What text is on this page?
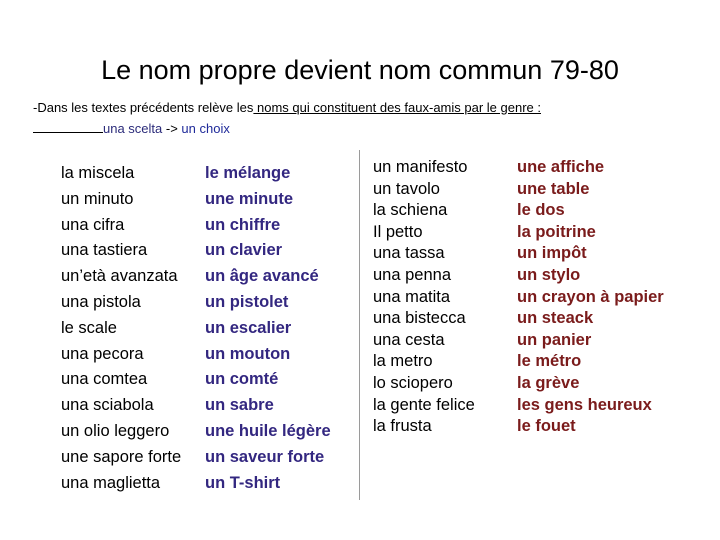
Le nom propre devient nom commun 79-80
-Dans les textes précédents relève les noms qui constituent des faux-amis par le genre :
una scelta -> un choix
la miscela
un minuto
una cifra
una tastiera
un’età avanzata
una pistola
le scale
una pecora
una comtea
una sciabola
un olio leggero
une sapore forte
una maglietta
le mélange
une minute
un chiffre
un clavier
un âge avancé
un pistolet
un escalier
un mouton
un comté
un sabre
une huile légère
un saveur forte
un T-shirt
un manifesto
un tavolo
la schiena
Il petto
una tassa
una penna
una matita
una bistecca
una cesta
la metro
lo sciopero
la gente felice
la frusta
une affiche
une table
le dos
la poitrine
un impôt
un stylo
un crayon à papier
un steack
un panier
le métro
la grève
les gens heureux
le fouet
